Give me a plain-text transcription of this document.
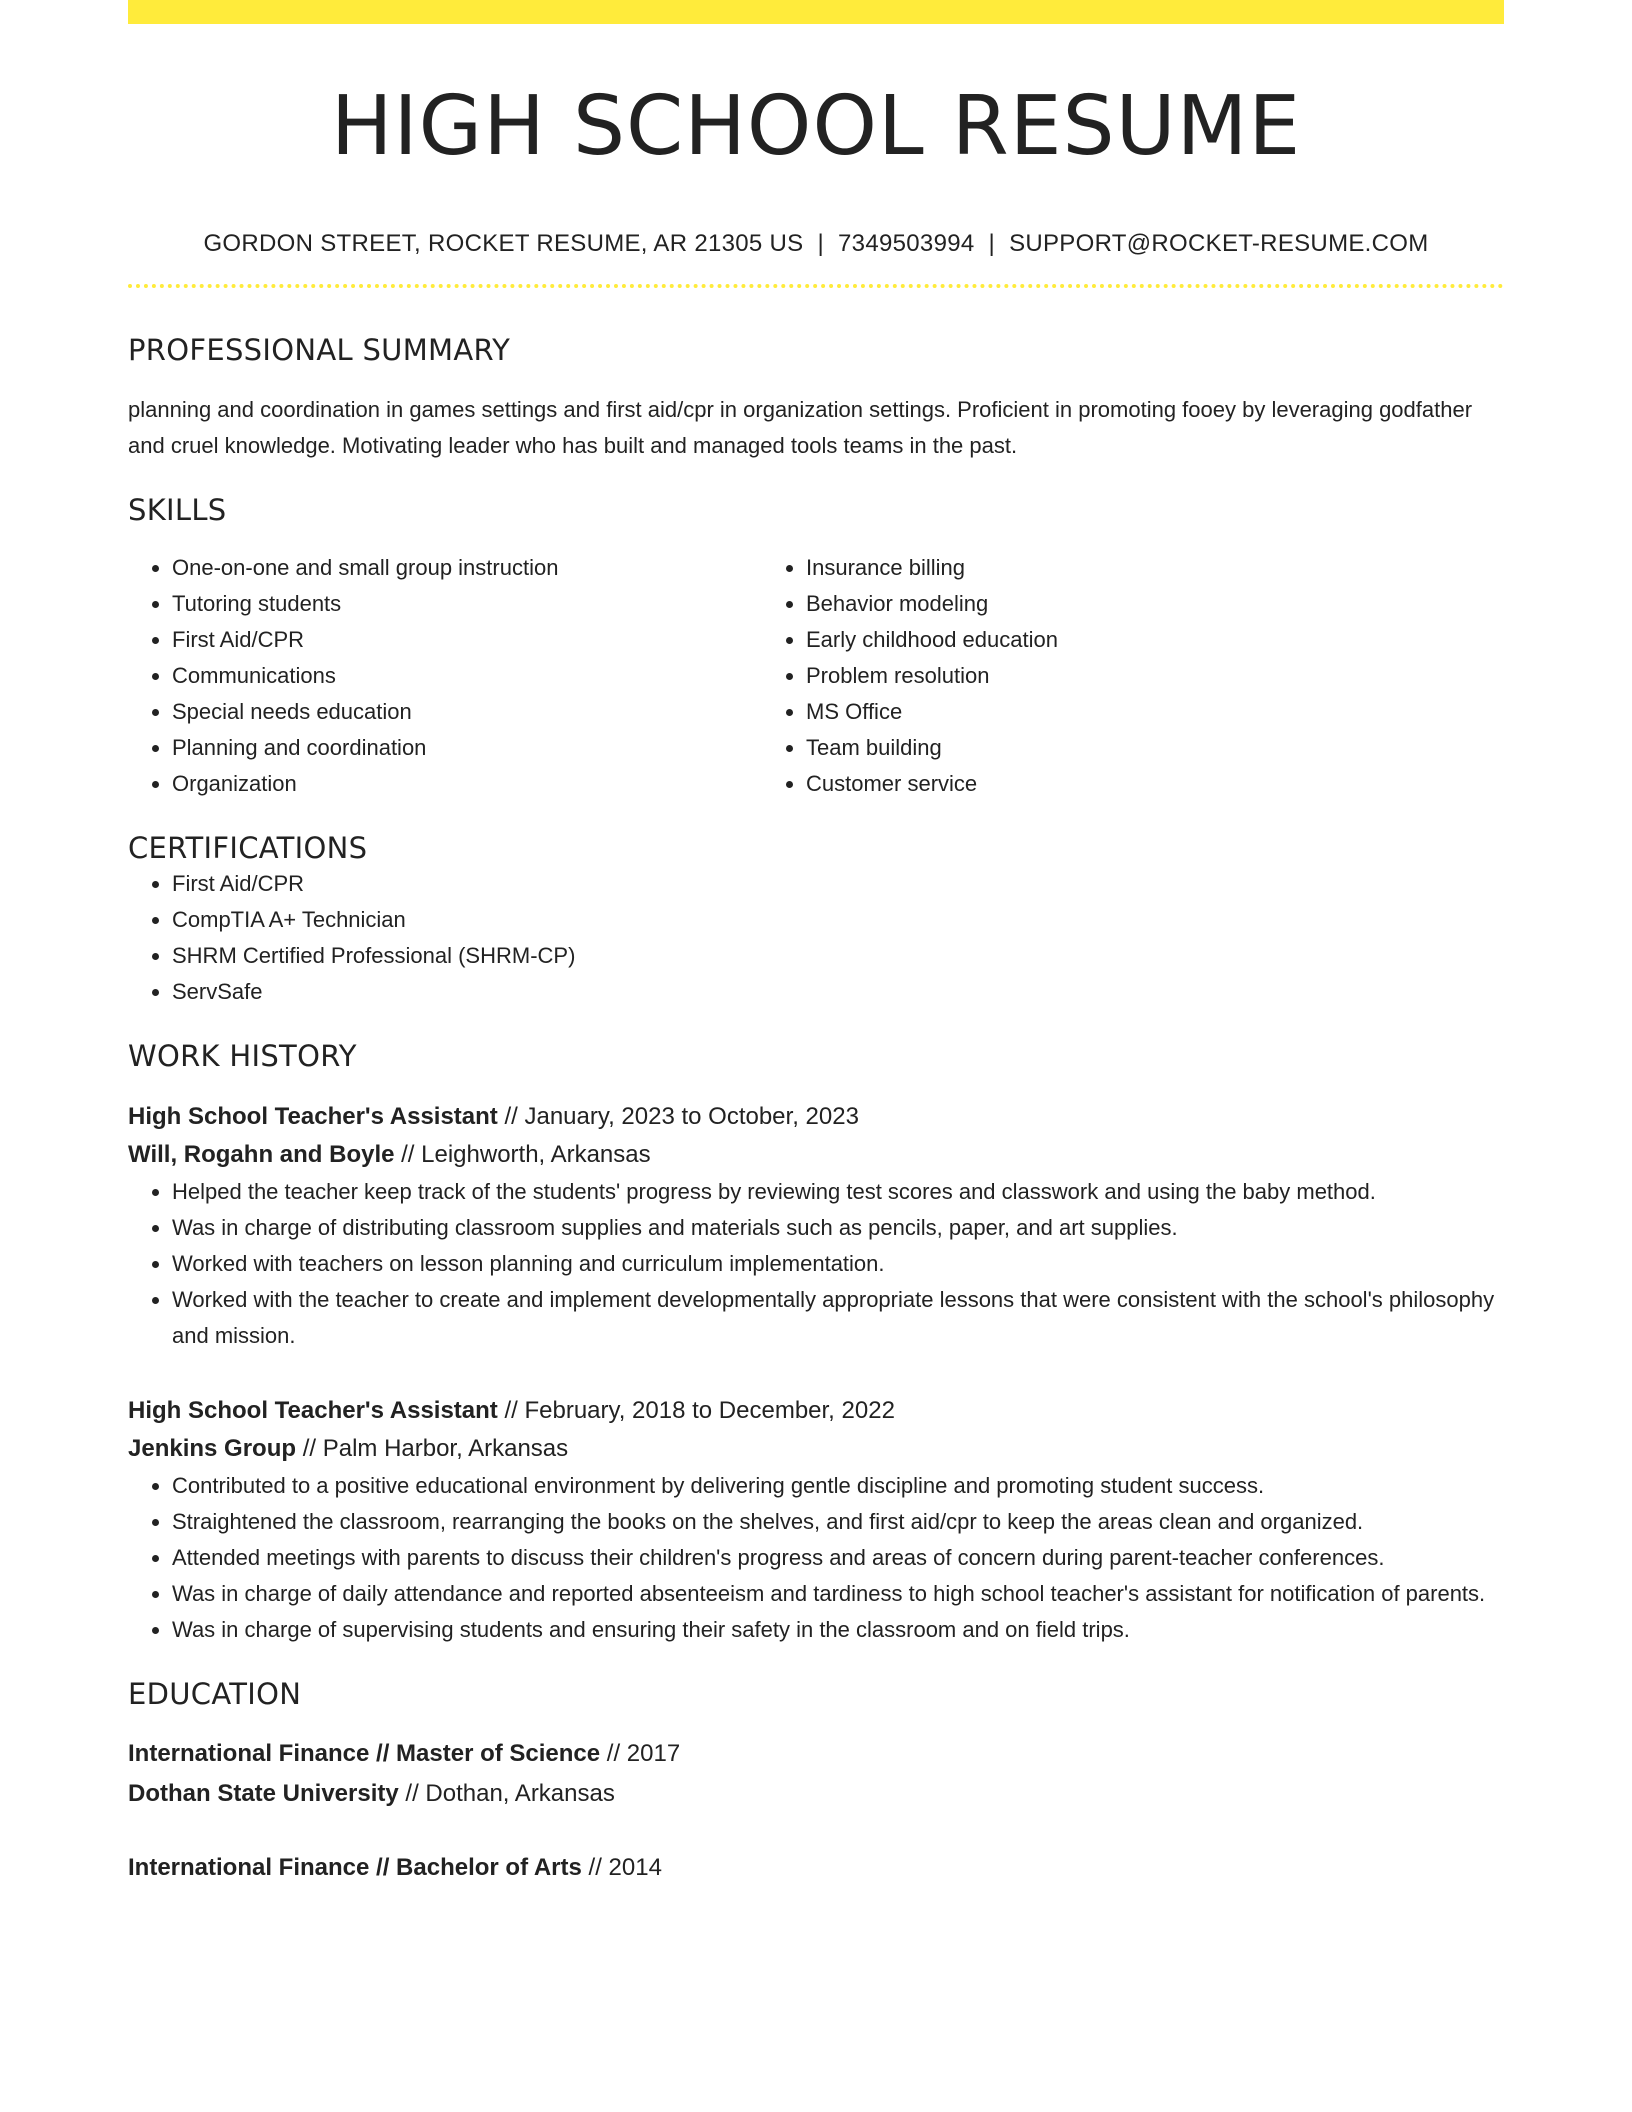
HIGH SCHOOL RESUME
GORDON STREET, ROCKET RESUME, AR 21305 US | 7349503994 | SUPPORT@ROCKET-RESUME.COM
PROFESSIONAL SUMMARY

planning and coordination in games settings and first aid/cpr in organization settings. Proficient in promoting fooey by leveraging godfather and cruel knowledge. Motivating leader who has built and managed tools teams in the past.

SKILLS
• One-on-one and small group instruction
• Tutoring students
• First Aid/CPR
• Communications
• Special needs education
• Planning and coordination
• Organization
• Insurance billing
• Behavior modeling
• Early childhood education
• Problem resolution
• MS Office
• Team building
• Customer service
CERTIFICATIONS
• First Aid/CPR
• CompTIA A+ Technician
• SHRM Certified Professional (SHRM-CP)
• ServSafe
WORK HISTORY
High School Teacher's Assistant // January, 2023 to October, 2023
Will, Rogahn and Boyle // Leighworth, Arkansas
• Helped the teacher keep track of the students' progress by reviewing test scores and classwork and using the baby method.
• Was in charge of distributing classroom supplies and materials such as pencils, paper, and art supplies.
• Worked with teachers on lesson planning and curriculum implementation.
• Worked with the teacher to create and implement developmentally appropriate lessons that were consistent with the school's philosophy and mission.
High School Teacher's Assistant // February, 2018 to December, 2022
Jenkins Group // Palm Harbor, Arkansas
• Contributed to a positive educational environment by delivering gentle discipline and promoting student success.
• Straightened the classroom, rearranging the books on the shelves, and first aid/cpr to keep the areas clean and organized.
• Attended meetings with parents to discuss their children's progress and areas of concern during parent-teacher conferences.
• Was in charge of daily attendance and reported absenteeism and tardiness to high school teacher's assistant for notification of parents.
• Was in charge of supervising students and ensuring their safety in the classroom and on field trips.
EDUCATION
International Finance // Master of Science // 2017
Dothan State University // Dothan, Arkansas
International Finance // Bachelor of Arts // 2014
